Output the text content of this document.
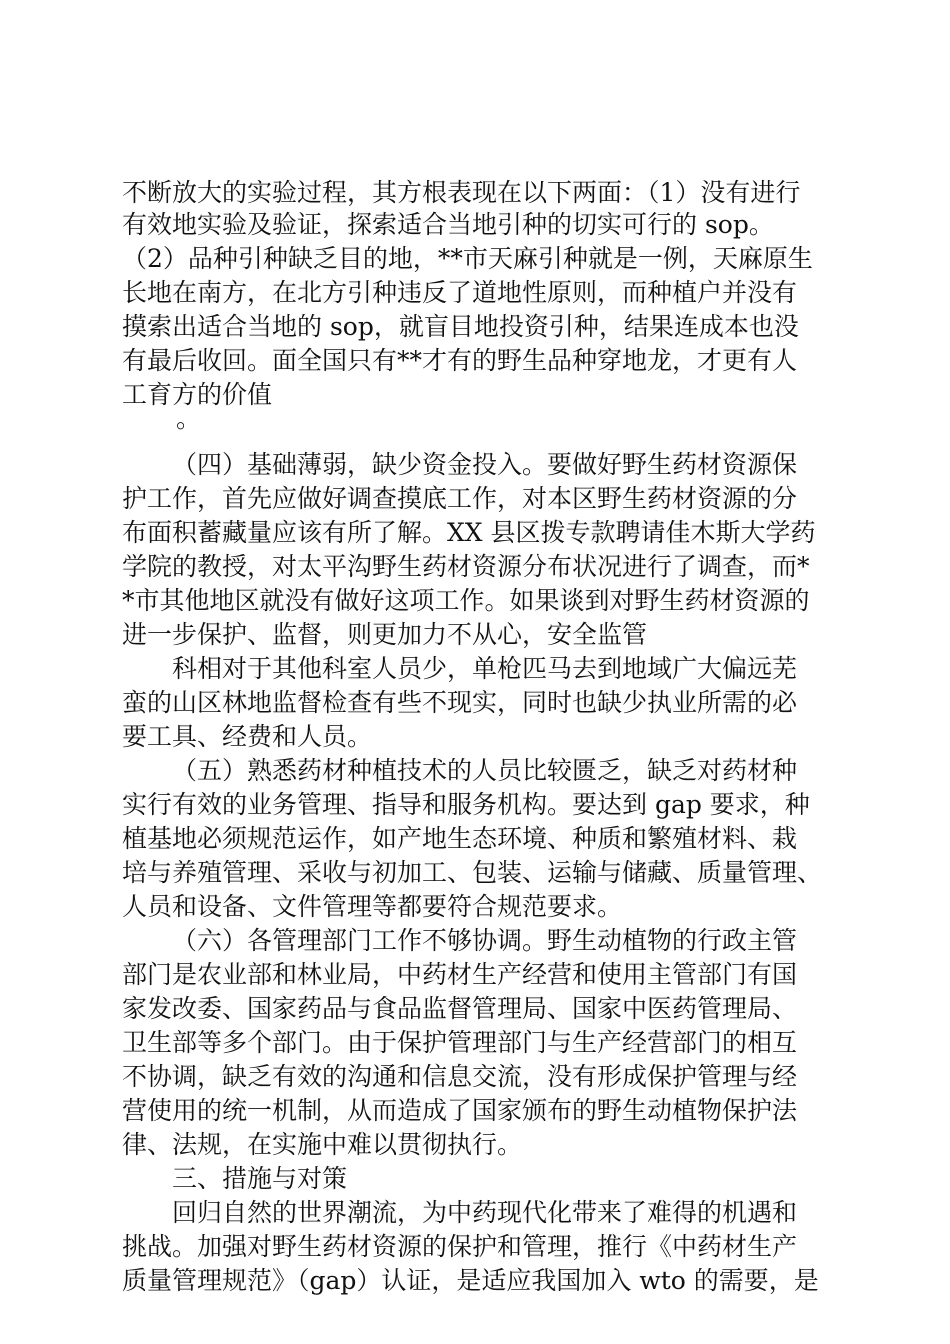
不断放大的实验过程，其方根表现在以下两面：（1）没有进行
有效地实验及验证，探索适合当地引种的切实可行的 sop。
（2）品种引种缺乏目的地，**市天麻引种就是一例，天麻原生
长地在南方，在北方引种违反了道地性原则，而种植户并没有
摸索出适合当地的 sop，就盲目地投资引种，结果连成本也没
有最后收回。面全国只有**才有的野生品种穿地龙，才更有人
工育方的价值
。
（四）基础薄弱，缺少资金投入。要做好野生药材资源保
护工作，首先应做好调查摸底工作，对本区野生药材资源的分
布面积蓄藏量应该有所了解。XX 县区拨专款聘请佳木斯大学药
学院的教授，对太平沟野生药材资源分布状况进行了调查，而*
*市其他地区就没有做好这项工作。如果谈到对野生药材资源的
进一步保护、监督，则更加力不从心，安全监管
科相对于其他科室人员少，单枪匹马去到地域广大偏远芜
蛮的山区林地监督检查有些不现实，同时也缺少执业所需的必
要工具、经费和人员。
（五）熟悉药材种植技术的人员比较匮乏，缺乏对药材种
实行有效的业务管理、指导和服务机构。要达到 gap 要求，种
植基地必须规范运作，如产地生态环境、种质和繁殖材料、栽
培与养殖管理、采收与初加工、包装、运输与储藏、质量管理、
人员和设备、文件管理等都要符合规范要求。
（六）各管理部门工作不够协调。野生动植物的行政主管
部门是农业部和林业局，中药材生产经营和使用主管部门有国
家发改委、国家药品与食品监督管理局、国家中医药管理局、
卫生部等多个部门。由于保护管理部门与生产经营部门的相互
不协调，缺乏有效的沟通和信息交流，没有形成保护管理与经
营使用的统一机制，从而造成了国家颁布的野生动植物保护法
律、法规，在实施中难以贯彻执行。
三、措施与对策
回归自然的世界潮流，为中药现代化带来了难得的机遇和
挑战。加强对野生药材资源的保护和管理，推行《中药材生产
质量管理规范》（gap）认证，是适应我国加入 wto 的需要，是
